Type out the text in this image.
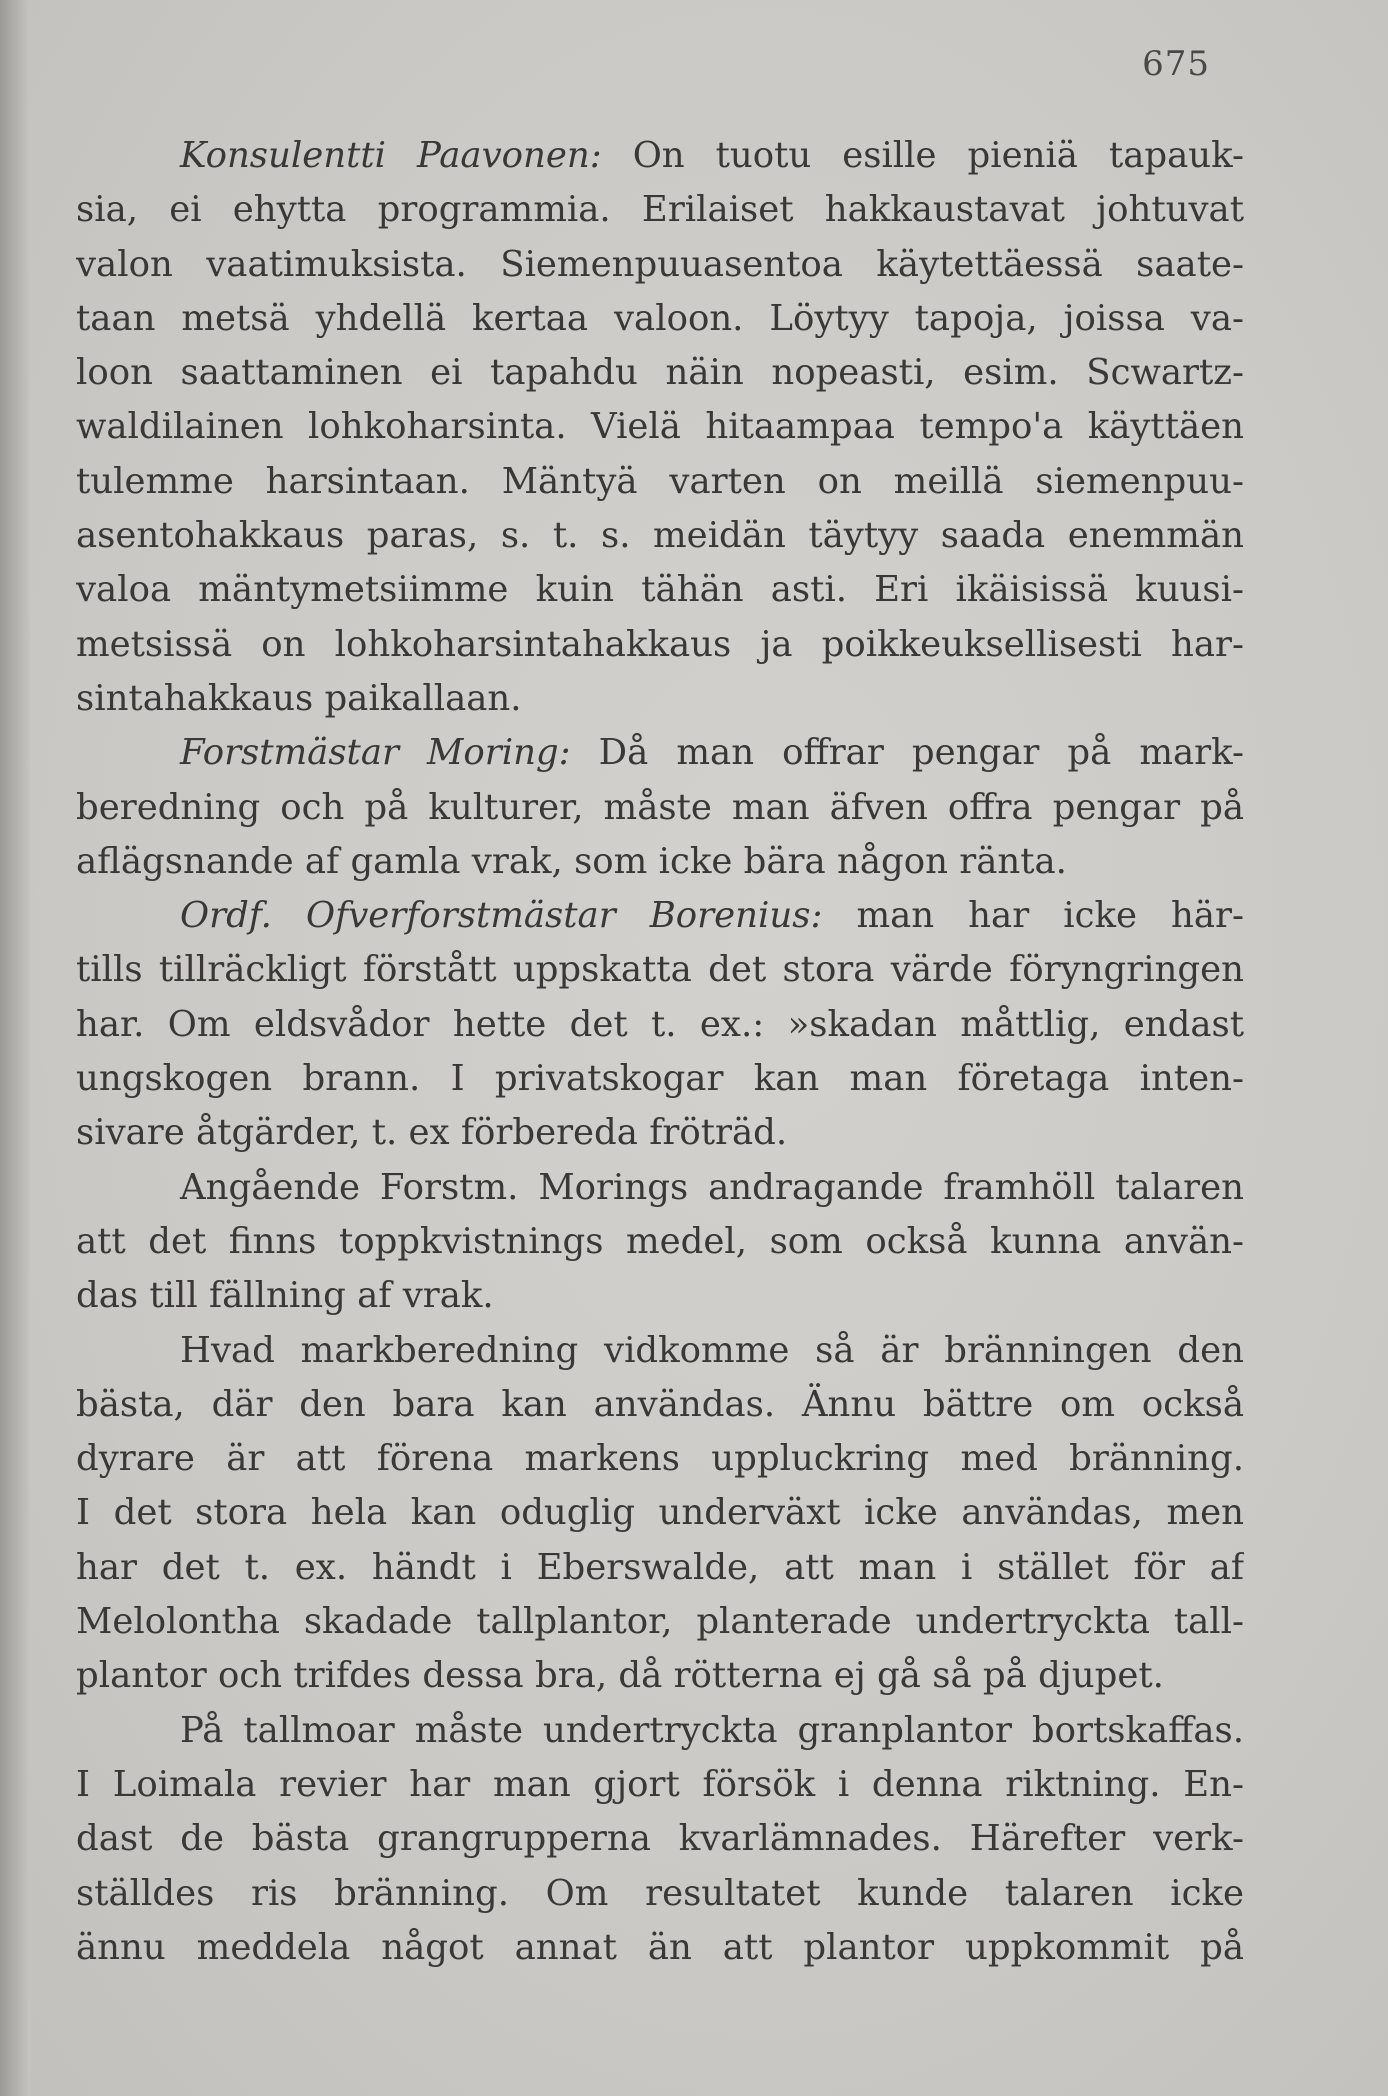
675
Konsulentti Paavonen: On tuotu esille pieniä tapauk-
sia, ei ehytta programmia. Erilaiset hakkaustavat johtuvat
valon vaatimuksista. Siemenpuuasentoa käytettäessä saate-
taan metsä yhdellä kertaa valoon. Löytyy tapoja, joissa va-
loon saattaminen ei tapahdu näin nopeasti, esim. Scwartz-
waldilainen lohkoharsinta. Vielä hitaampaa tempo'a käyttäen
tulemme harsintaan. Mäntyä varten on meillä siemenpuu-
asentohakkaus paras, s. t. s. meidän täytyy saada enemmän
valoa mäntymetsiimme kuin tähän asti. Eri ikäisissä kuusi-
metsissä on lohkoharsintahakkaus ja poikkeuksellisesti har-
sintahakkaus paikallaan.
Forstmästar Moring: Då man offrar pengar på mark-
beredning och på kulturer, måste man äfven offra pengar på
aflägsnande af gamla vrak, som icke bära någon ränta.
Ordf. Ofverforstmästar Borenius: man har icke här-
tills tillräckligt förstått uppskatta det stora värde föryngringen
har. Om eldsvådor hette det t. ex.: »skadan måttlig, endast
ungskogen brann. I privatskogar kan man företaga inten-
sivare åtgärder, t. ex förbereda fröträd.
Angående Forstm. Morings andragande framhöll talaren
att det finns toppkvistnings medel, som också kunna använ-
das till fällning af vrak.
Hvad markberedning vidkomme så är bränningen den
bästa, där den bara kan användas. Ännu bättre om också
dyrare är att förena markens uppluckring med bränning.
I det stora hela kan oduglig underväxt icke användas, men
har det t. ex. händt i Eberswalde, att man i stället för af
Melolontha skadade tallplantor, planterade undertryckta tall-
plantor och trifdes dessa bra, då rötterna ej gå så på djupet.
På tallmoar måste undertryckta granplantor bortskaffas.
I Loimala revier har man gjort försök i denna riktning. En-
dast de bästa grangrupperna kvarlämnades. Härefter verk-
ställdes ris bränning. Om resultatet kunde talaren icke
ännu meddela något annat än att plantor uppkommit på
